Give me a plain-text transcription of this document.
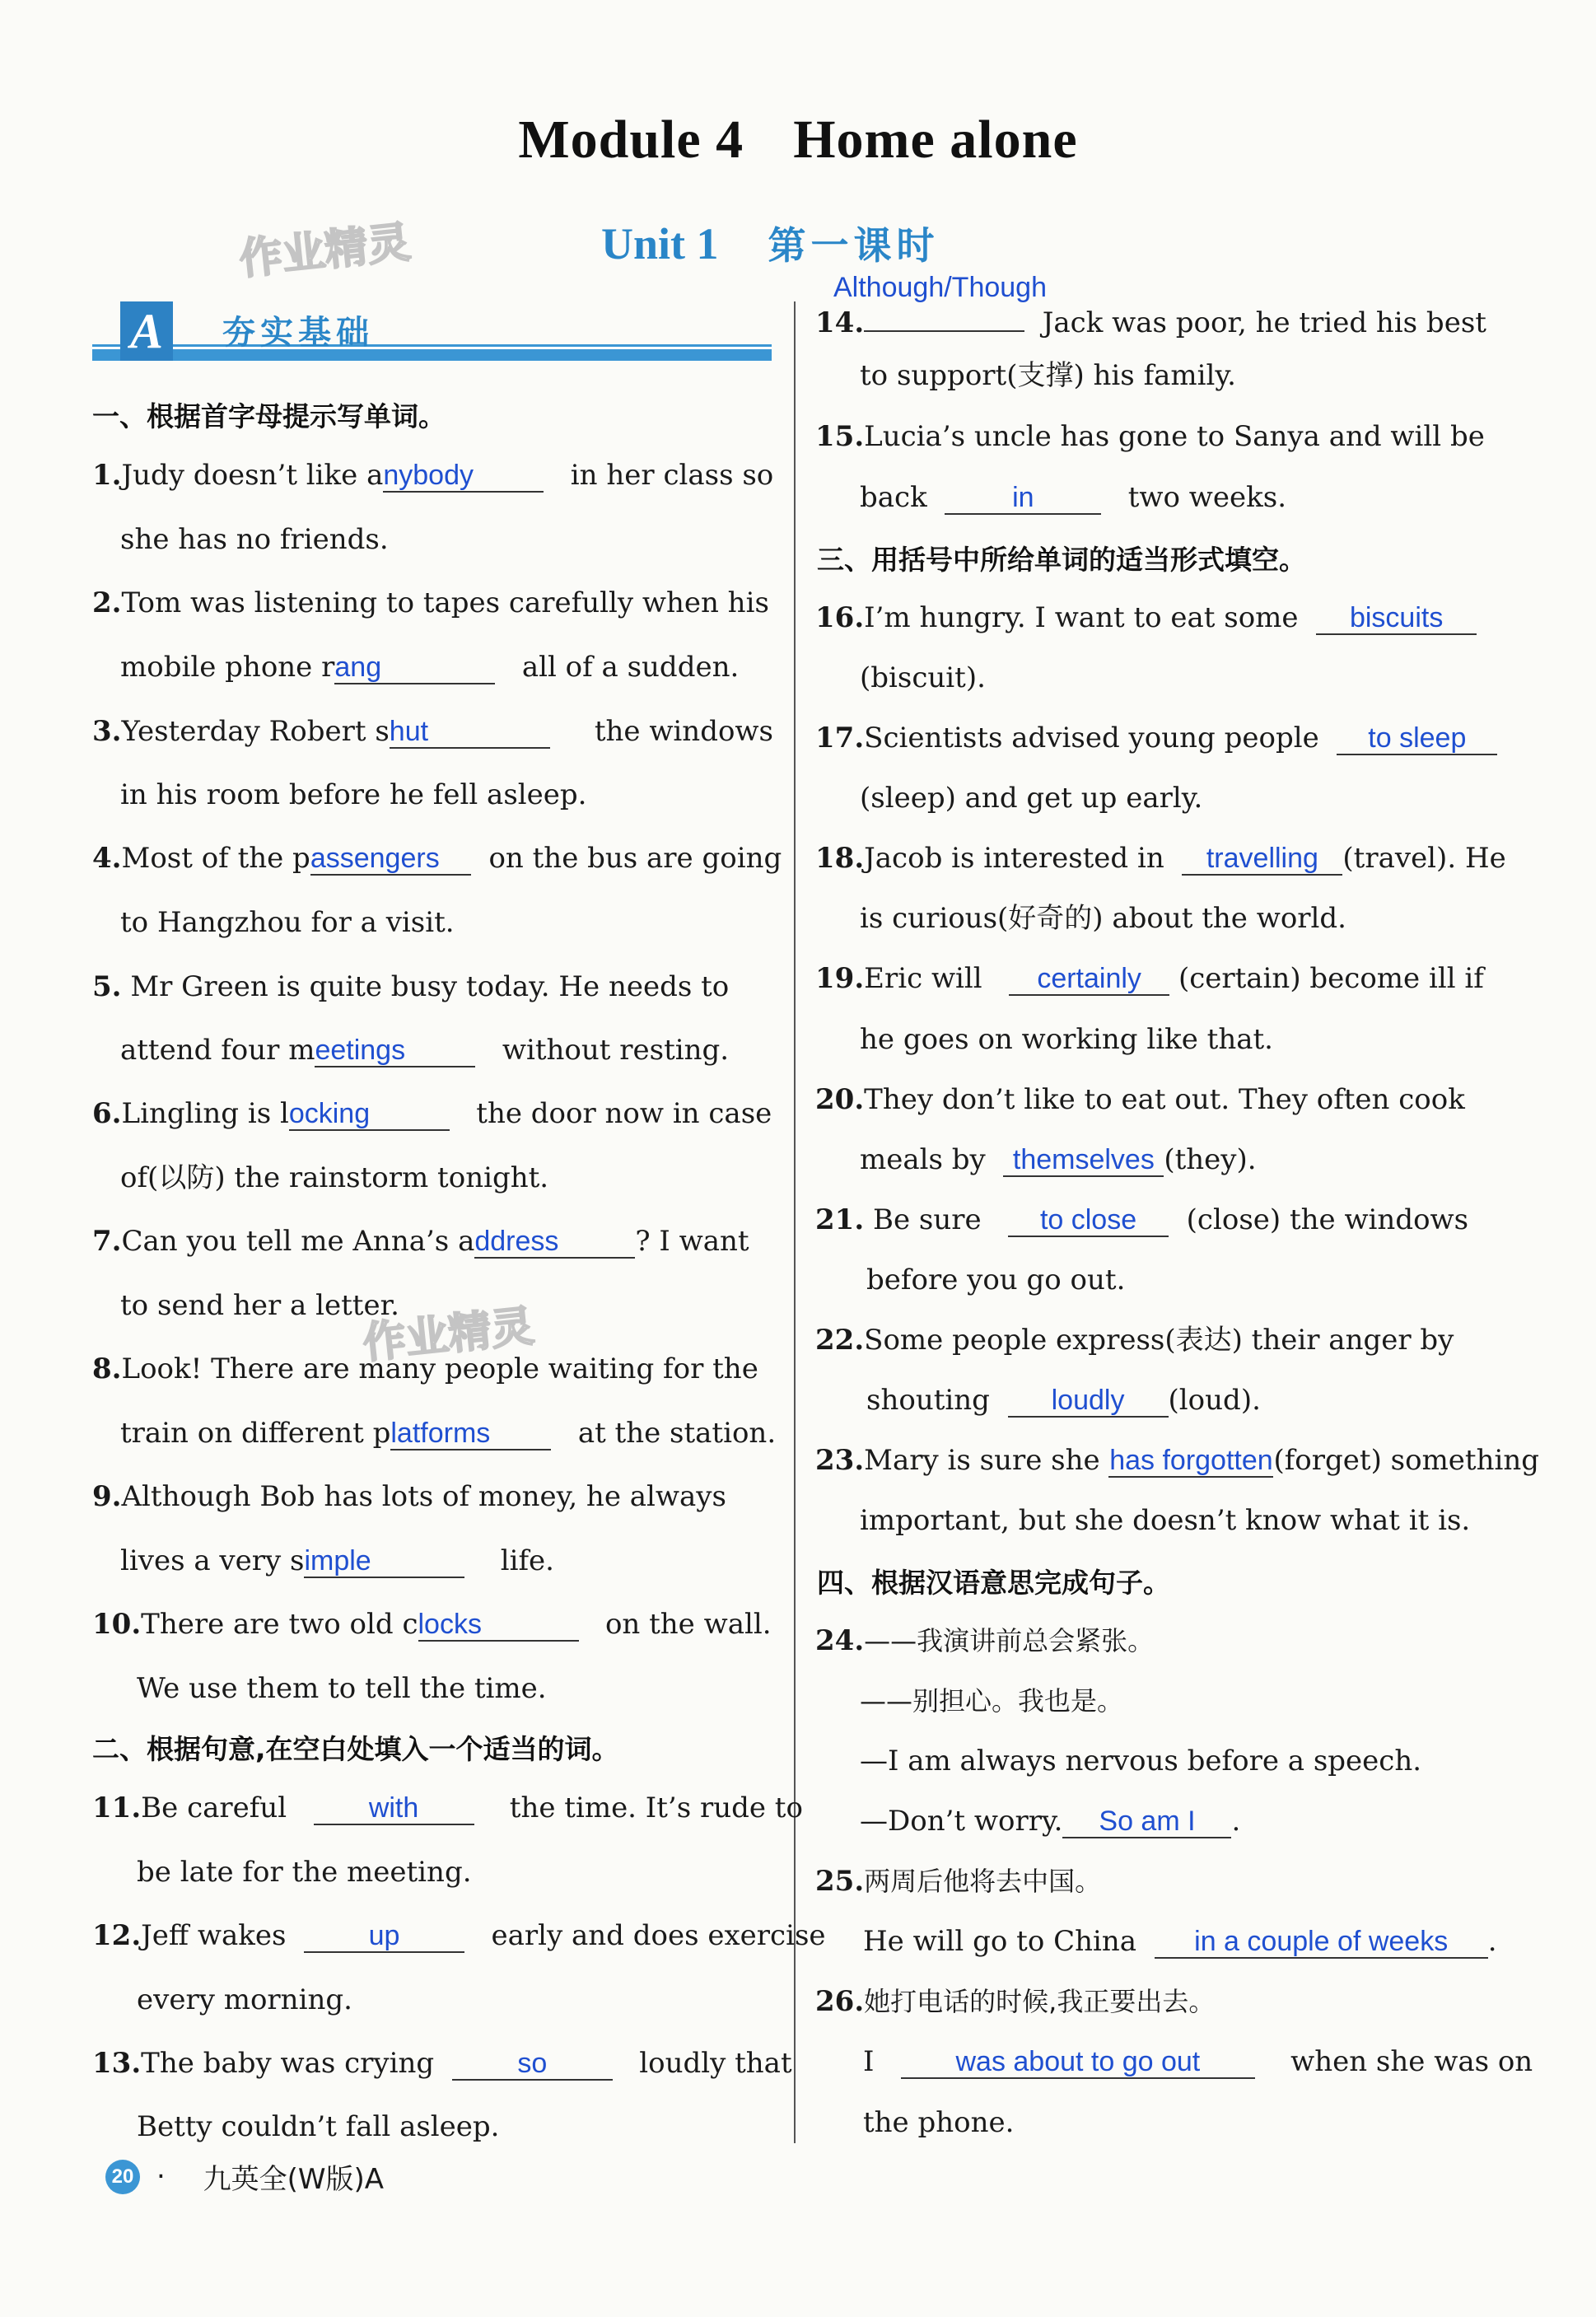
Module 4 Home alone
作业精灵	Unit 1 第一课时
A 夯实基础
一、根据首字母提示写单词。
1.Judy doesn’t like anybody	in her class so
she has no friends.
2.Tom was listening to tapes carefully when his
mobile phone rang	all of a sudden.
3.Yesterday Robert shut	the windows
in his room before he fell asleep.
4.Most of the passengers on the bus are going
to Hangzhou for a visit.
5. Mr Green is quite busy today. He needs to
attend four meetings	without resting.
6.Lingling is locking	the door now in case
of(以防) the rainstorm tonight.
7.Can you tell me Anna’s address	? I want
to send her a letter.
作业精灵
8.Look! There are many people waiting for the
train on different platforms	at the station.
9.Although Bob has lots of money, he always
lives a very simple	life.
10.There are two old clocks	on the wall.
We use them to tell the time.
二、根据句意,在空白处填入一个适当的词。
11.Be careful	with	the time. It’s rude to
be late for the meeting.
12.Jeff wakes	up	early and does exercise
every morning.
13.The baby was crying	so	loudly that
Betty couldn’t fall asleep.
Although/Though
14.	Jack was poor, he tried his best
to support(支撑) his family.
15.Lucia’s uncle has gone to Sanya and will be
back	in	two weeks.
三、用括号中所给单词的适当形式填空。
16.I’m hungry. I want to eat some biscuits
(biscuit).
17.Scientists advised young people to sleep
(sleep) and get up early.
18.Jacob is interested in travelling (travel). He
is curious(好奇的) about the world.
19.Eric will certainly (certain) become ill if
he goes on working like that.
20.They don’t like to eat out. They often cook
meals by themselves (they).
21. Be sure to close (close) the windows
before you go out.
22.Some people express(表达) their anger by
shouting loudly (loud).
23.Mary is sure she has forgotten(forget) something
important, but she doesn’t know what it is.
四、根据汉语意思完成句子。
24.——我演讲前总会紧张。
——别担心。我也是。
—I am always nervous before a speech.
—Don’t worry. So am I .
25.两周后他将去中国。
He will go to China in a couple of weeks .
26.她打电话的时候,我正要出去。
I	was about to go out	when she was on
the phone.
20 · 九英全(W版)A
